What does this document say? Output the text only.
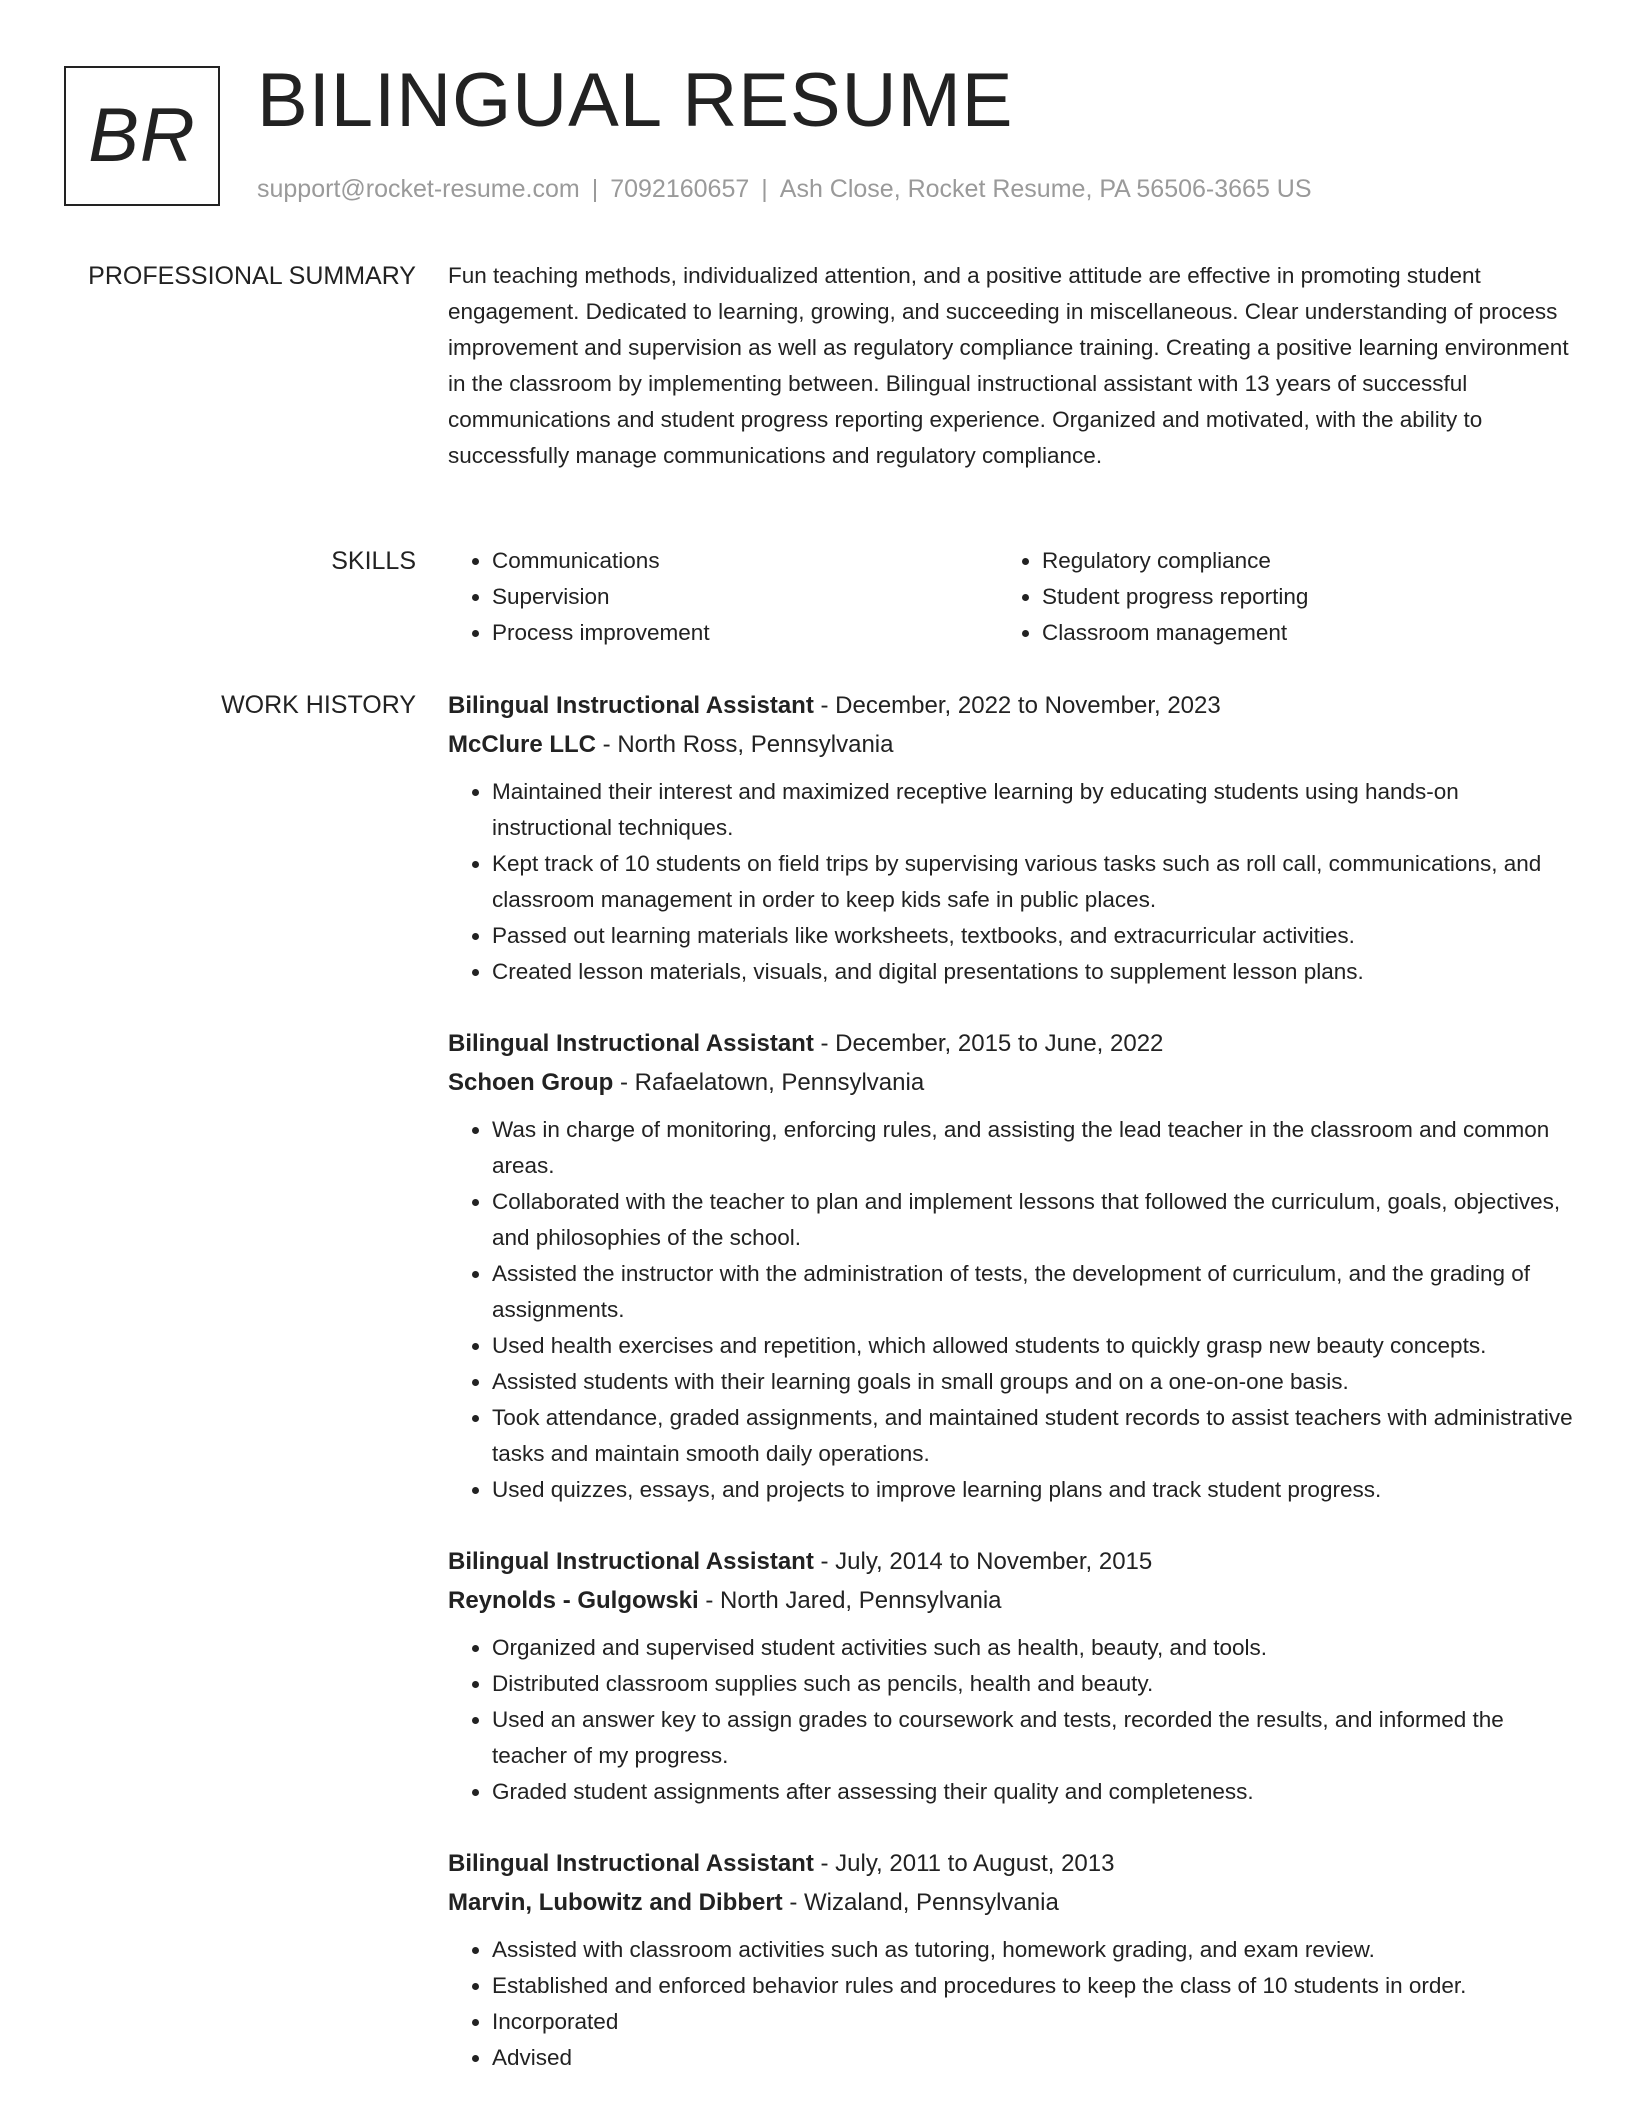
BR BILINGUAL RESUME
support@rocket-resume.com | 7092160657 | Ash Close, Rocket Resume, PA 56506-3665 US
PROFESSIONAL SUMMARY Fun teaching methods, individualized attention, and a positive attitude are effective in promoting student engagement. Dedicated to learning, growing, and succeeding in miscellaneous. Clear understanding of process improvement and supervision as well as regulatory compliance training. Creating a positive learning environment in the classroom by implementing between. Bilingual instructional assistant with 13 years of successful communications and student progress reporting experience. Organized and motivated, with the ability to successfully manage communications and regulatory compliance.

SKILLS
•	Communications
• Supervision
• Process improvement
• Regulatory compliance
• Student progress reporting
• Classroom management
WORK HISTORY Bilingual Instructional Assistant - December, 2022 to November, 2023
McClure LLC - North Ross, Pennsylvania
• Maintained their interest and maximized receptive learning by educating students using hands-on instructional techniques.
• Kept track of 10 students on field trips by supervising various tasks such as roll call, communications, and classroom management in order to keep kids safe in public places.
• Passed out learning materials like worksheets, textbooks, and extracurricular activities.
• Created lesson materials, visuals, and digital presentations to supplement lesson plans.
Bilingual Instructional Assistant - December, 2015 to June, 2022
Schoen Group - Rafaelatown, Pennsylvania
• Was in charge of monitoring, enforcing rules, and assisting the lead teacher in the classroom and common areas.
• Collaborated with the teacher to plan and implement lessons that followed the curriculum, goals, objectives, and philosophies of the school.
• Assisted the instructor with the administration of tests, the development of curriculum, and the grading of assignments.
• Used health exercises and repetition, which allowed students to quickly grasp new beauty concepts.
• Assisted students with their learning goals in small groups and on a one-on-one basis.
• Took attendance, graded assignments, and maintained student records to assist teachers with administrative tasks and maintain smooth daily operations.
• Used quizzes, essays, and projects to improve learning plans and track student progress.
Bilingual Instructional Assistant - July, 2014 to November, 2015
Reynolds - Gulgowski - North Jared, Pennsylvania
• Organized and supervised student activities such as health, beauty, and tools.
• Distributed classroom supplies such as pencils, health and beauty.
• Used an answer key to assign grades to coursework and tests, recorded the results, and informed the teacher of my progress.
• Graded student assignments after assessing their quality and completeness.
Bilingual Instructional Assistant - July, 2011 to August, 2013
Marvin, Lubowitz and Dibbert - Wizaland, Pennsylvania
• Assisted with classroom activities such as tutoring, homework grading, and exam review.
• Established and enforced behavior rules and procedures to keep the class of 10 students in order.
• Incorporated
• Advised
